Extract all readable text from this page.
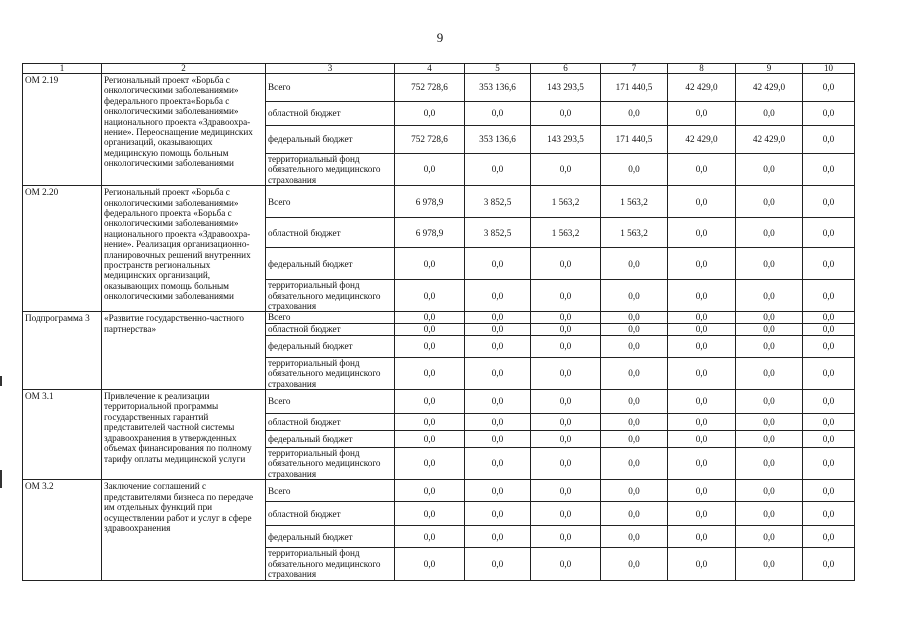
9
1	2	3	4	5	6	7	8	9	10
ОМ 2.19	Региональный проект «Борьба с онкологическими заболеваниями» федерального проекта«Борьба с онкологическими заболеваниями» национального проекта «Здравоохра-нение». Переоснащение медицинских организаций, оказывающих медицинскую помощь больным онкологическими заболеваниями	Всего	752 728,6	353 136,6	143 293,5	171 440,5	42 429,0	42 429,0	0,0
		областной бюджет	0,0	0,0	0,0	0,0	0,0	0,0	0,0
		федеральный бюджет	752 728,6	353 136,6	143 293,5	171 440,5	42 429,0	42 429,0	0,0
		территориальный фонд обязательного медицинского страхования	0,0	0,0	0,0	0,0	0,0	0,0	0,0
ОМ 2.20	Региональный проект «Борьба с онкологическими заболеваниями» федерального проекта «Борьба с онкологическими заболеваниями» национального проекта «Здравоохра-нение». Реализация организационно-планировочных решений внутренних пространств региональных медицинских организаций, оказывающих помощь больным онкологическими заболеваниями	Всего	6 978,9	3 852,5	1 563,2	1 563,2	0,0	0,0	0,0
		областной бюджет	6 978,9	3 852,5	1 563,2	1 563,2	0,0	0,0	0,0
		федеральный бюджет	0,0	0,0	0,0	0,0	0,0	0,0	0,0
		территориальный фонд обязательного медицинского страхования	0,0	0,0	0,0	0,0	0,0	0,0	0,0
Подпрограмма 3	«Развитие государственно-частного партнерства»	Всего	0,0	0,0	0,0	0,0	0,0	0,0	0,0
		областной бюджет	0,0	0,0	0,0	0,0	0,0	0,0	0,0
		федеральный бюджет	0,0	0,0	0,0	0,0	0,0	0,0	0,0
		территориальный фонд обязательного медицинского страхования	0,0	0,0	0,0	0,0	0,0	0,0	0,0
ОМ 3.1	Привлечение к реализации территориальной программы государственных гарантий представителей частной системы здравоохранения в утвержденных объемах финансирования по полному тарифу оплаты медицинской услуги	Всего	0,0	0,0	0,0	0,0	0,0	0,0	0,0
		областной бюджет	0,0	0,0	0,0	0,0	0,0	0,0	0,0
		федеральный бюджет	0,0	0,0	0,0	0,0	0,0	0,0	0,0
		территориальный фонд обязательного медицинского страхования	0,0	0,0	0,0	0,0	0,0	0,0	0,0
ОМ 3.2	Заключение соглашений с представителями бизнеса по передаче им отдельных функций при осуществлении работ и услуг в сфере здравоохранения	Всего	0,0	0,0	0,0	0,0	0,0	0,0	0,0
		областной бюджет	0,0	0,0	0,0	0,0	0,0	0,0	0,0
		федеральный бюджет	0,0	0,0	0,0	0,0	0,0	0,0	0,0
		территориальный фонд обязательного медицинского страхования	0,0	0,0	0,0	0,0	0,0	0,0	0,0
